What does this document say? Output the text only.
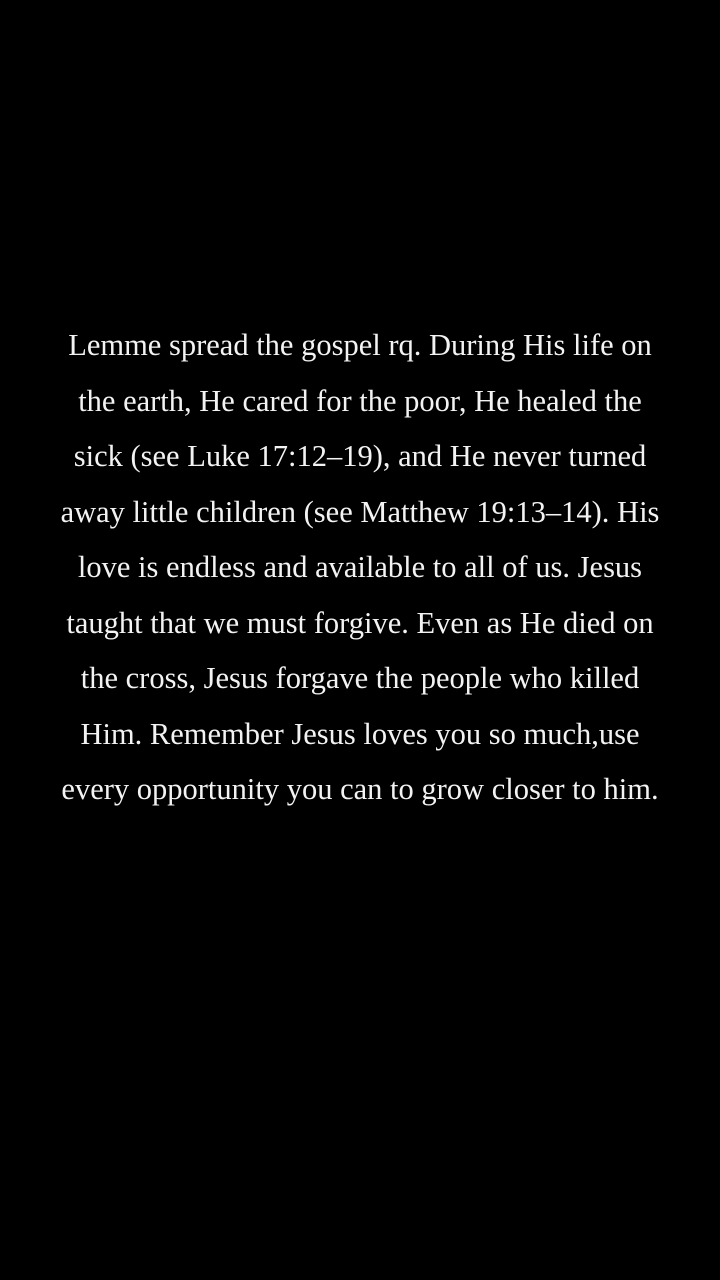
Lemme spread the gospel rq. During His life on
the earth, He cared for the poor, He healed the
sick (see Luke 17:12–19), and He never turned
away little children (see Matthew 19:13–14). His
love is endless and available to all of us. Jesus
taught that we must forgive. Even as He died on
the cross, Jesus forgave the people who killed
Him. Remember Jesus loves you so much,use
every opportunity you can to grow closer to him.
